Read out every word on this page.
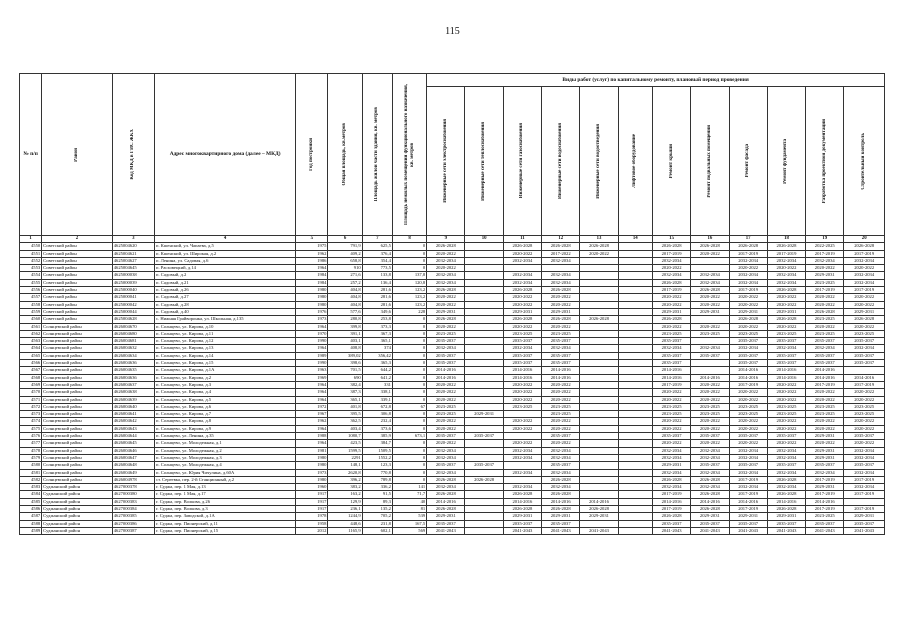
115
№ п/п	Район	Код МКД в ГИС ЖКХ	Адрес многоквартирного дома (далее – МКД)	Год постройки	Общая площадь, кв.метров	Площадь жилой части здания, кв. метров	Площадь нежилых помещений функционального назначения, кв. метров	Виды работ (услуг) по капитальному ремонту, плановый период проведения											

								Инженерные сети электроснабжения	Инженерные сети теплоснабжения	Инженерные сети газоснабжения	Инженерные сети водоснабжения	Инженерные сети водоотведения	Лифтовое оборудование	Ремонт крыши	Ремонт подвальных помещений	Ремонт фасада	Ремонт фундамента	Разработка проектной документации	Строительный контроль

1	2	3	4	5	6	7	8	9	10	11	12	13	14	15	16	17	18	19	20
4550	Советский район	4625004620	п. Кшенский, ул. Чапаева, д.5	1975	791,9	625,5	0	2026-2028		2026-2028	2026-2028	2026-2028		2026-2028	2026-2028	2026-2028	2026-2028	2022-2025	2026-2028
4551	Советский район	4625004621	п. Кшенский, ул. Широкая, д.2	1962	409,2	376,4	0	2020-2022		2020-2022	2017-2022	2020-2022		2017-2019	2020-2022	2017-2019	2017-2019	2017-2019	2017-2019
4552	Советский район	4625004627	п. Ленина, ул. Садовая, д.6	1986	658,8	354,4	0	2032-2034		2032-2034	2032-2034			2032-2034		2032-2034	2032-2034	2032-2034	2032-2034
4553	Советский район	4625004645	п. Расховецкий, д.14	1964	910	773,5	0	2020-2022						2020-2022		2020-2022	2020-2022	2020-2022	2020-2022
4554	Советский район	4625000038	п. Садовый, д.2	1984	271,6	133,8	137,8	2032-2034		2032-2034	2032-2034			2032-2034	2032-2034	2032-2034	2032-2034	2029-2031	2032-2034
4555	Советский район	4625000039	п. Садовый, д.21	1984	257,2	136,4	120,8	2032-2034		2032-2034	2032-2034			2026-2028	2032-2034	2032-2034	2032-2034	2023-2025	2032-2034
4556	Советский район	4625000040	п. Садовый, д.26	1980	404,8	281,6	123,2	2026-2028		2026-2028	2026-2028			2017-2019	2026-2028	2017-2019	2026-2028	2017-2019	2017-2019
4557	Советский район	4625000041	п. Садовый, д.27	1980	404,8	281,6	123,2	2020-2022		2020-2022	2020-2022			2020-2022	2020-2022	2020-2022	2020-2022	2020-2022	2020-2022
4558	Советский район	4625000042	п. Садовый, д.28	1980	404,8	281,6	123,2	2020-2022		2020-2022	2020-2022			2020-2022	2020-2022	2020-2022	2020-2022	2020-2022	2020-2022
4559	Советский район	4625000044	п. Садовый, д.40	1976	577,6	349,6	228	2029-2031		2029-2031	2029-2031			2029-2031	2029-2031	2029-2031	2029-2031	2026-2028	2029-2031
4560	Советский район	4625004628	с. Нижняя Грайворонка, ул. Школьная, д.135	1973	280,8	253,8	0	2026-2028		2026-2028	2026-2028	2026-2028		2026-2028		2026-2028	2026-2028	2023-2025	2026-2028
4561	Солнцевский район	4626004670	п. Солнцево, ул. Кирова, д.10	1964	399,8	373,3	0	2020-2022		2020-2022	2020-2022			2020-2022	2020-2022	2020-2022	2020-2022	2020-2022	2020-2022
4562	Солнцевский район	4626004680	п. Солнцево, ул. Кирова, д.11	1970	391,1	367,3	0	2023-2025		2023-2025	2023-2025			2023-2025	2023-2025	2023-2025	2023-2025	2023-2025	2023-2025
4563	Солнцевский район	4626004681	п. Солнцево, ул. Кирова, д.12	1990	403,1	365,1	0	2035-2037		2035-2037	2035-2037			2035-2037		2035-2037	2035-2037	2035-2037	2035-2037
4564	Солнцевский район	4626004632	п. Солнцево, ул. Кирова, д.13	1964	408,8	374	0	2032-2034		2032-2034	2032-2034			2032-2034	2032-2034	2032-2034	2032-2034	2032-2034	2032-2034
4565	Солнцевский район	4626004634	п. Солнцево, ул. Кирова, д.14	1989	389,02	356,42	0	2035-2037		2035-2037	2035-2037			2035-2037	2035-2037	2035-2037	2035-2037	2035-2037	2035-2037
4566	Солнцевский район	4626004636	п. Солнцево, ул. Кирова, д.15	1990	398,6	365,3	0	2035-2037		2035-2037	2035-2037			2035-2037		2035-2037	2035-2037	2035-2037	2035-2037
4567	Солнцевский район	4626004635	п. Солнцево, ул. Кирова, д.1А	1963	701,5	644,2	0	2014-2016		2014-2016	2014-2016			2014-2016		2014-2016	2014-2016	2014-2016	
4568	Солнцевский район	4626004636	п. Солнцево, ул. Кирова, д.2	1969	690	641,2	0	2014-2016		2014-2016	2014-2016			2014-2016	2014-2016	2014-2016	2014-2016	2014-2016	2014-2016
4569	Солнцевский район	4626004637	п. Солнцево, ул. Кирова, д.3	1964	382,4	331	0	2020-2022		2020-2022	2020-2022			2017-2019	2020-2022	2017-2019	2020-2022	2017-2019	2017-2019
4570	Солнцевский район	4626004638	п. Солнцево, ул. Кирова, д.4	1964	387,3	338,1	0	2020-2022		2020-2022	2020-2022			2020-2022	2020-2022	2020-2022	2020-2022	2020-2022	2020-2022
4571	Солнцевский район	4626004639	п. Солнцево, ул. Кирова, д.5	1964	365,1	339,1	0	2020-2022		2020-2022	2020-2022			2020-2022	2020-2022	2020-2022	2020-2022	2020-2022	2020-2022
4572	Солнцевский район	4626004640	п. Солнцево, ул. Кирова, д.6	1972	401,8	672,8	67	2023-2025		2023-2025	2023-2025			2023-2025	2023-2025	2023-2025	2023-2025	2023-2025	2023-2025
4573	Солнцевский район	4626004641	п. Солнцево, ул. Кирова, д.7	1967	395,5	306,8	0	2023-2025	2029-2031		2023-2025			2023-2025	2023-2025	2023-2025	2023-2025	2023-2025	2023-2025
4574	Солнцевский район	4626004642	п. Солнцево, ул. Кирова, д.8	1962	362,5	232,4	0	2020-2022		2020-2022	2020-2022			2020-2022	2020-2022	2020-2022	2020-2022	2020-2022	2020-2022
4575	Солнцевский район	4626004643	п. Солнцево, ул. Кирова, д.9	1964	403,4	373,6	0	2020-2022		2020-2022	2020-2022			2020-2022	2020-2022	2020-2022	2020-2022	2020-2022	2020-2022
4576	Солнцевский район	4626004644	п. Солнцево, ул. Ленина, д.35	1988	1080,7	385,9	673,1	2035-2037	2035-2037		2035-2037			2035-2037	2035-2037	2035-2037	2035-2037	2029-2031	2035-2037
4577	Солнцевский район	4626004645	п. Солнцево, ул. Молодежная, д.1	1964	423,5	384,7	0	2020-2022		2020-2022	2020-2022			2020-2022	2020-2022	2020-2022	2020-2022	2020-2022	2020-2022
4578	Солнцевский район	4626004646	п. Солнцево, ул. Молодежная, д.2	1981	1599,5	1509,5	0	2032-2034		2032-2034	2032-2034			2032-2034	2032-2034	2032-2034	2032-2034	2029-2031	2032-2034
4579	Солнцевский район	4626004647	п. Солнцево, ул. Молодежная, д.3	1980	2291	1552,2	0	2032-2034		2032-2034	2032-2034			2032-2034	2032-2034	2032-2034	2032-2034	2029-2031	2032-2034
4580	Солнцевский район	4626004648	п. Солнцево, ул. Молодежная, д.4	1980	148,1	123,3	0	2035-2037	2035-2037		2035-2037			2029-2031	2035-2037	2035-2037	2035-2037	2035-2037	2035-2037
4581	Солнцевский район	4626004649	п. Солнцево, ул. Юрия Чичулина, д.60А	1973	2620,8	770,8	0	2032-2034		2032-2034	2032-2034			2032-2034	2032-2034	2032-2034	2032-2034	2032-2034	2032-2034
4582	Солнцевский район	4626004978	ст. Сереевка, пер. 2-й Станционный, д.2	1980	396,2	789,8	0	2026-2028	2026-2028		2026-2028			2026-2028	2026-2028	2017-2019	2026-2028	2017-2019	2017-2019
4583	Суджанский район	4627000378	г. Суджа, пер. 1 Мая, д.13	1960	383,2	336,2	141	2032-2034		2032-2034	2032-2034			2032-2034	2032-2034	2032-2034	2032-2034	2029-2031	2032-2034
4584	Суджанский район	4627000380	г. Суджа, пер. 1 Мая, д.17	1917	163,2	91,5	71,7	2026-2028		2026-2028	2026-2028			2017-2019	2026-2028	2017-2019	2026-2028	2017-2019	2017-2019
4585	Суджанский район	4627000383	г. Суджа, пер. Волкова, д.26	1917	129,9	89,3	40	2014-2016		2014-2016	2014-2016	2014-2016		2014-2016	2014-2016	2014-2016	2014-2016	2014-2016	
4586	Суджанский район	4627000384	г. Суджа, пер. Волкова, д.3	1917	236,1	135,2	81	2026-2028		2026-2028	2026-2028	2026-2028		2017-2019	2026-2028	2017-2019	2026-2028	2017-2019	2017-2019
4587	Суджанский район	4627000385	г. Суджа, пер. Заводской, д.1А	1978	1244,9	705,2	539	2029-2031		2029-2031	2029-2031	2029-2031		2026-2028	2029-2031	2029-2031	2029-2031	2023-2025	2029-2031
4588	Суджанский район	4627000386	г. Суджа, пер. Пионерский, д.11	1958	448,6	231,8	167,5	2035-2037		2035-2037	2035-2037			2035-2037	2035-2037	2035-2037	2035-2037	2035-2037	2035-2037
4589	Суджанский район	4627000387	г. Суджа, пер. Пионерский, д.15	2012	1165,9	602,1	569	2041-2043		2041-2043	2041-2043	2041-2043		2041-2043	2041-2043	2041-2043	2041-2043	2041-2043	2041-2043
